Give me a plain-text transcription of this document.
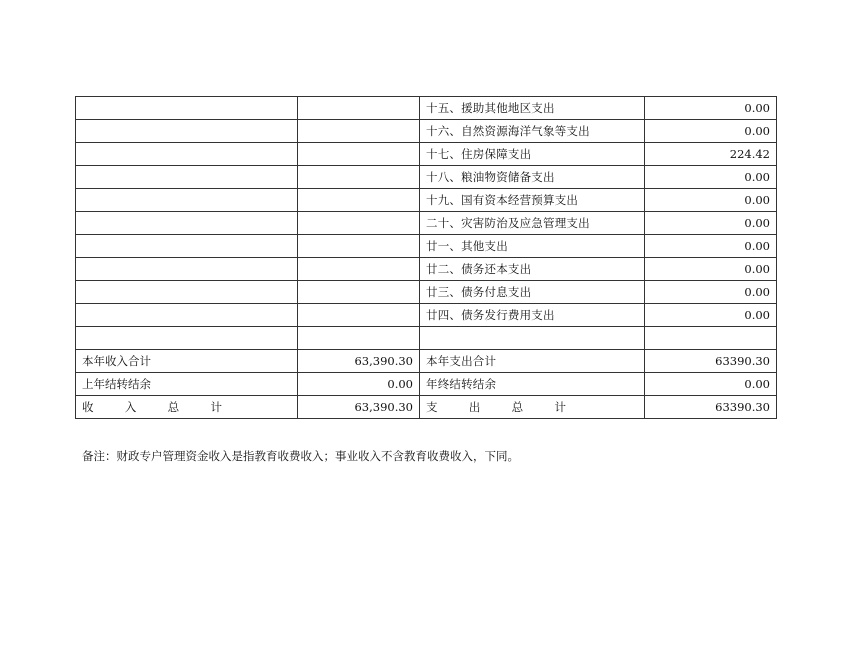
		十五、援助其他地区支出	0.00
		十六、自然资源海洋气象等支出	0.00
		十七、住房保障支出	224.42
		十八、粮油物资储备支出	0.00
		十九、国有资本经营预算支出	0.00
		二十、灾害防治及应急管理支出	0.00
		廿一、其他支出	0.00
		廿二、债务还本支出	0.00
		廿三、债务付息支出	0.00
		廿四、债务发行费用支出	0.00

本年收入合计	63,390.30	本年支出合计	63390.30
上年结转结余	0.00	年终结转结余	0.00

收 入 总 计	63,390.30	支 出 总 计	63390.30
备注：财政专户管理资金收入是指教育收费收入；事业收入不含教育收费收入，下同。
